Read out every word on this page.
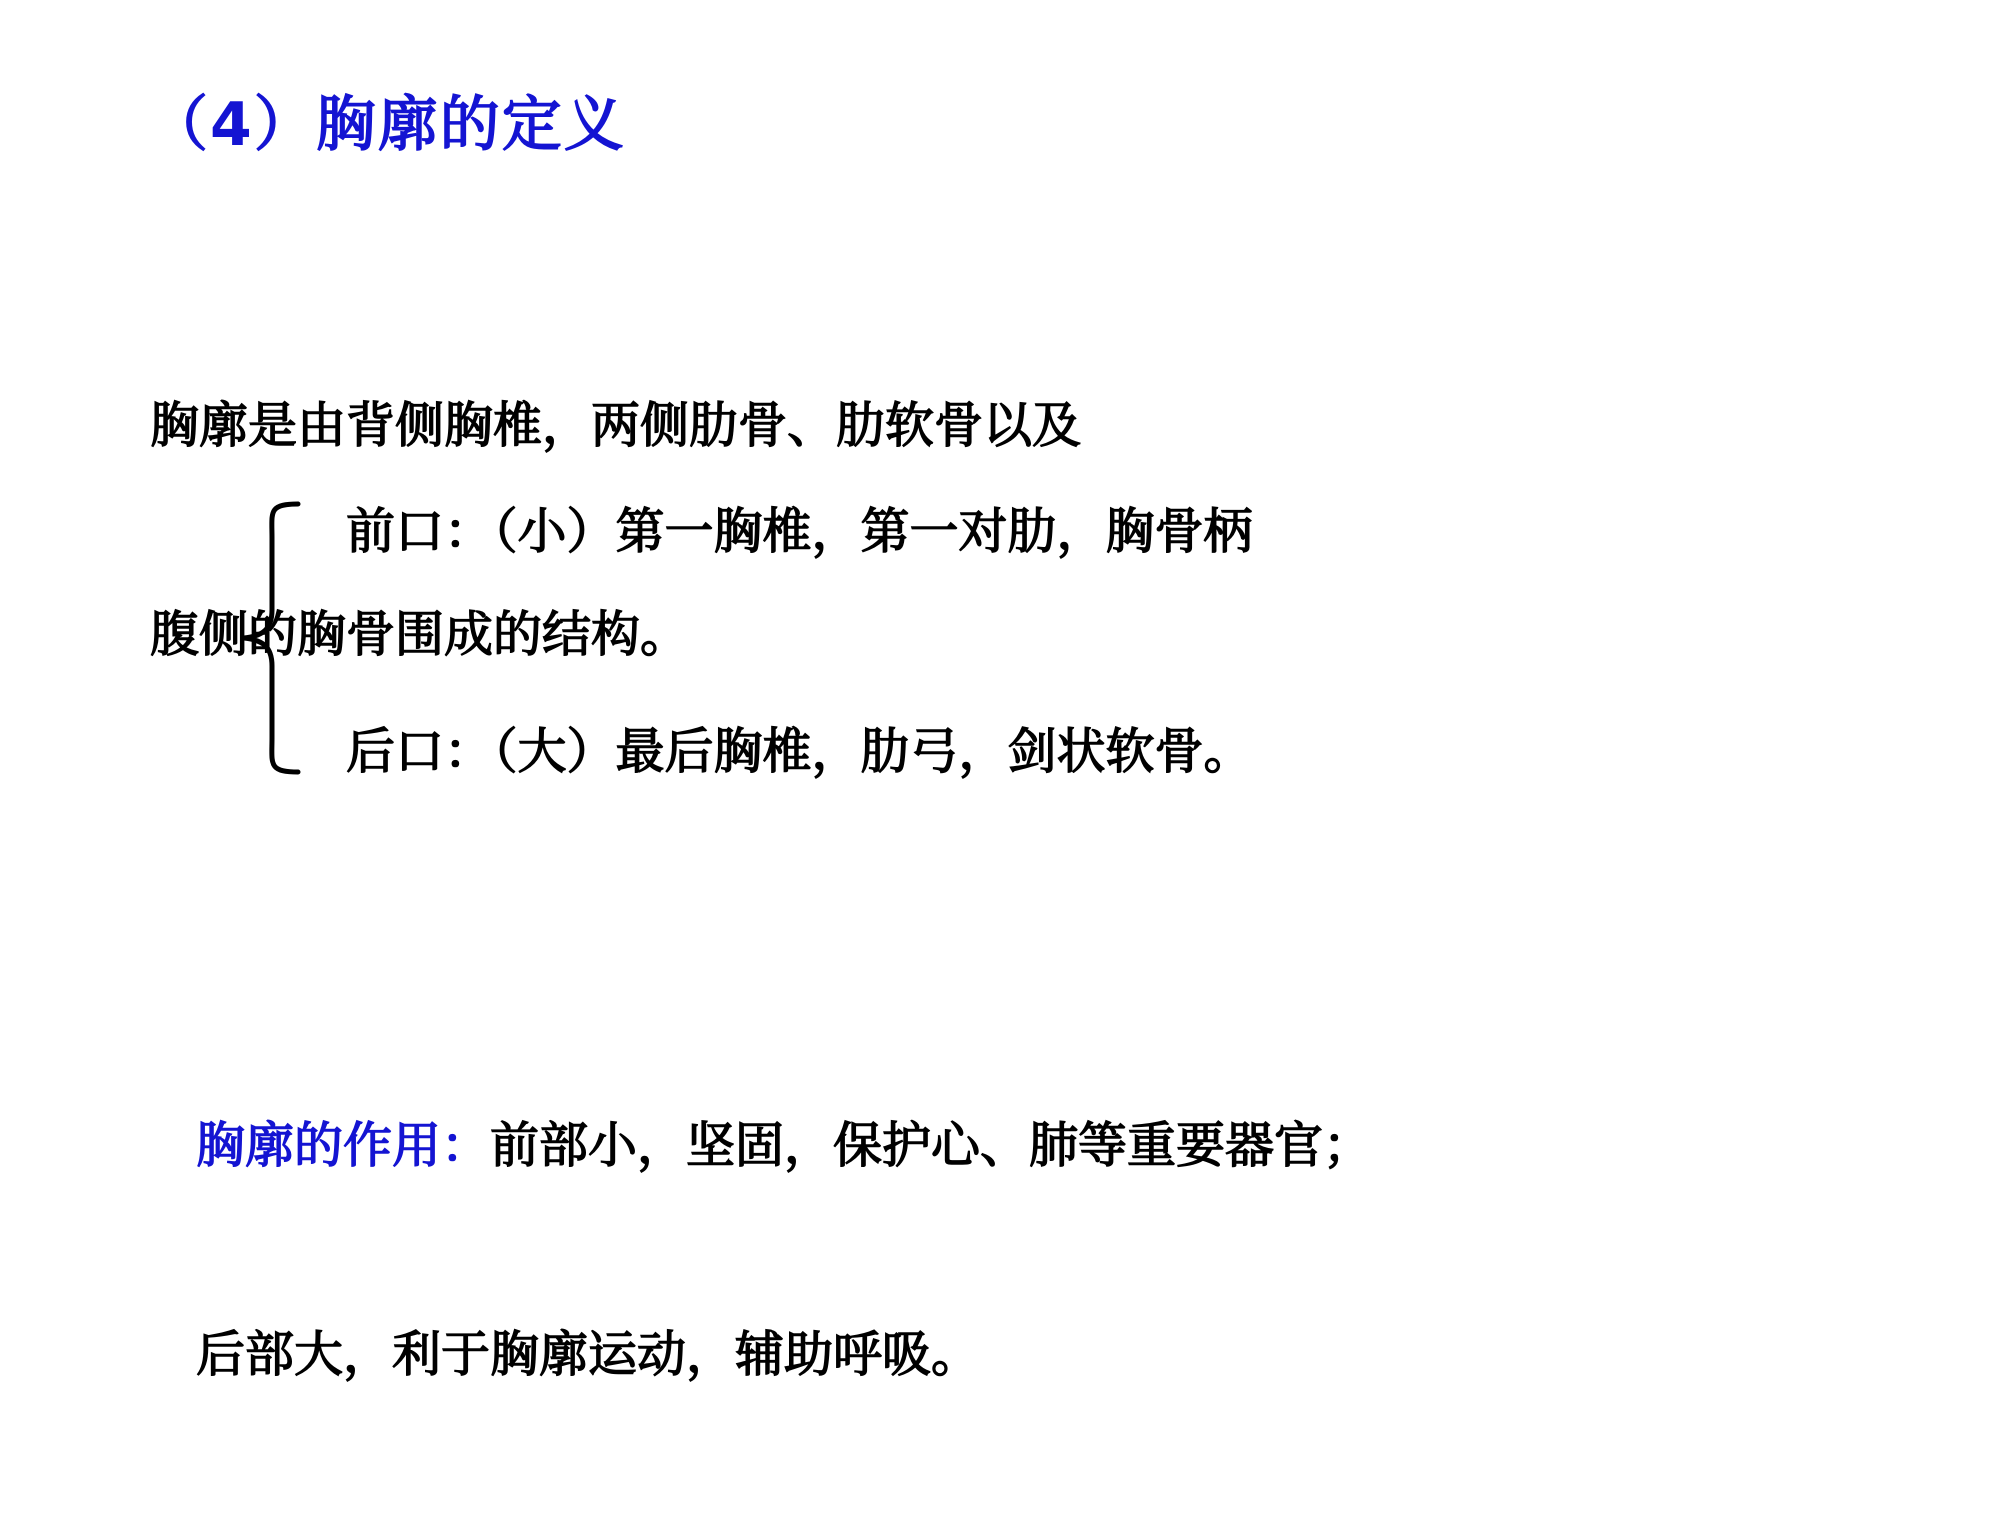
（4）胸廓的定义

胸廓是由背侧胸椎，两侧肋骨、肋软骨以及

腹侧的胸骨围成的结构。

前口：（小）第一胸椎，第一对肋，胸骨柄
后口：（大）最后胸椎，肋弓，剑状软骨。

胸廓的作用：前部小，坚固，保护心、肺等重要器官；

后部大，利于胸廓运动，辅助呼吸。
